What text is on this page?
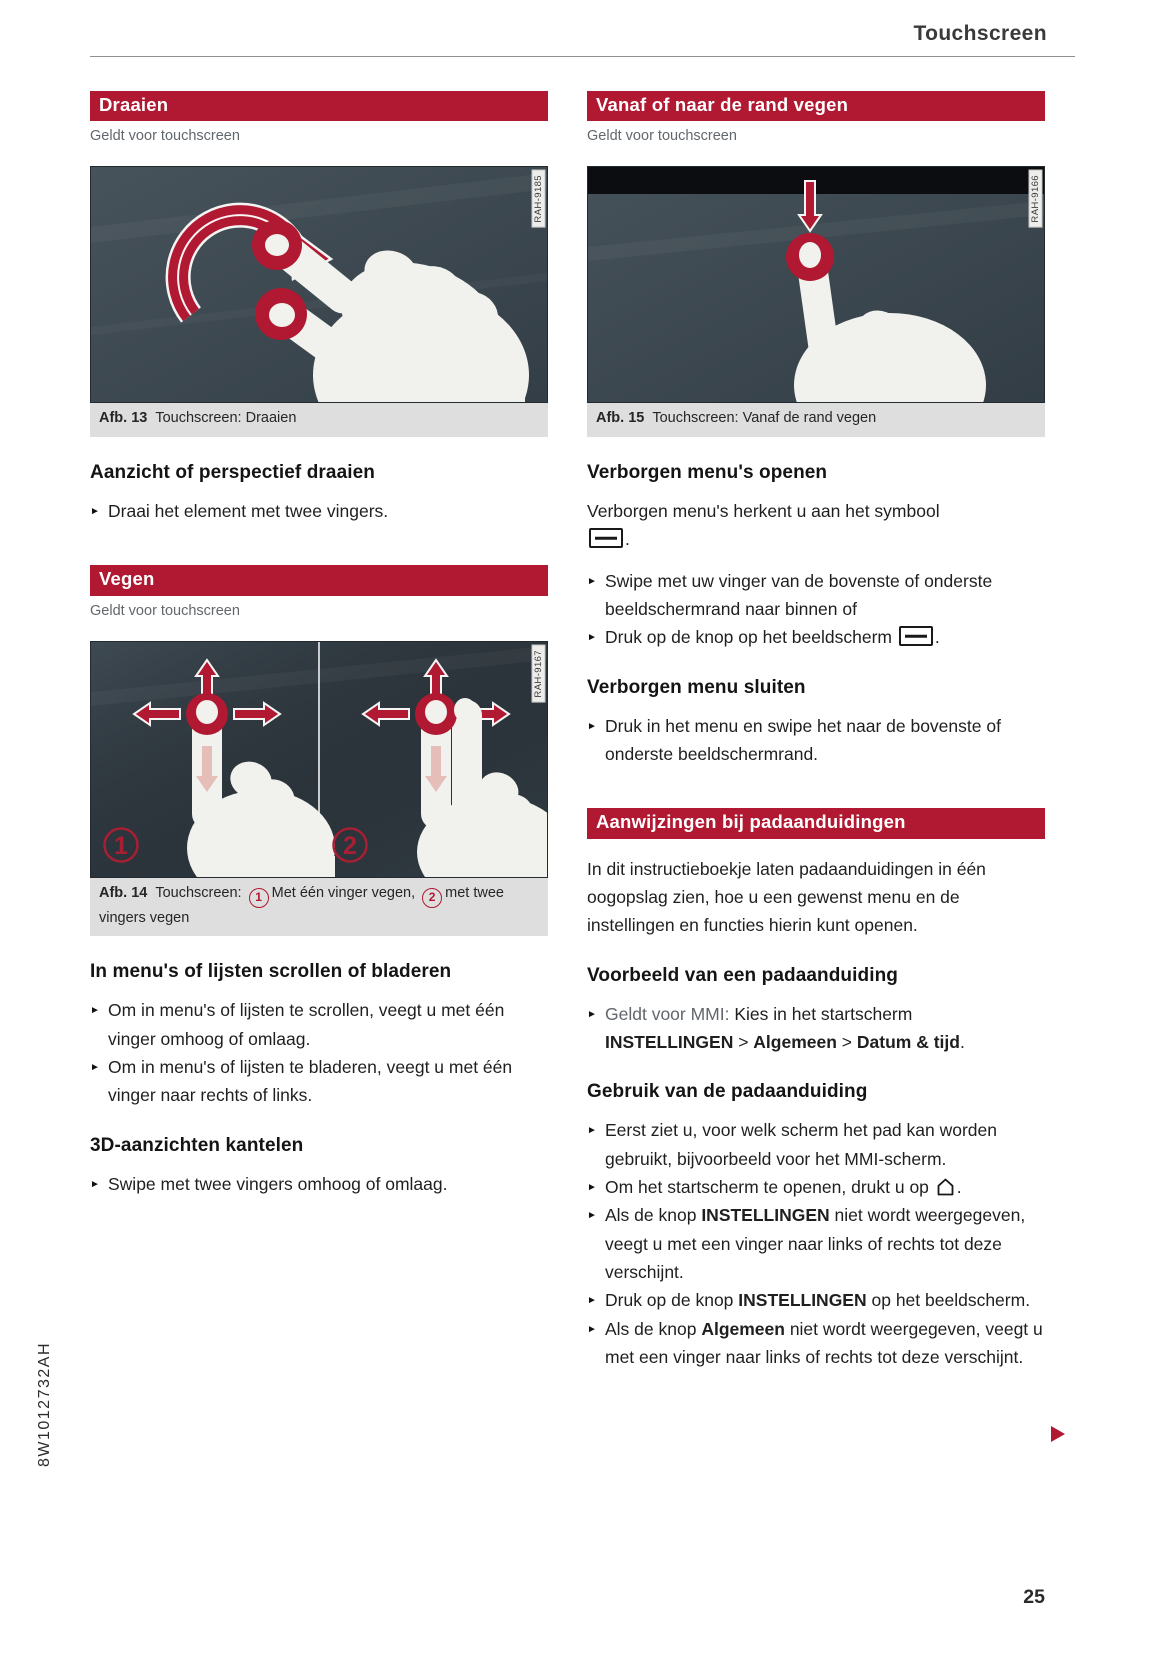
Touchscreen
Draaien
Geldt voor touchscreen
RAH-9185
Afb. 13 Touchscreen: Draaien
Aanzicht of perspectief draaien
► Draai het element met twee vingers.
Vegen
Geldt voor touchscreen
1	2
RAH-9167
Afb. 14 Touchscreen: 1 Met één vinger vegen, 2 met twee vingers vegen
In menu's of lijsten scrollen of bladeren
► Om in menu's of lijsten te scrollen, veegt u met één vinger omhoog of omlaag.
► Om in menu's of lijsten te bladeren, veegt u met één vinger naar rechts of links.
3D-aanzichten kantelen
► Swipe met twee vingers omhoog of omlaag.
Vanaf of naar de rand vegen
Geldt voor touchscreen
RAH-9166
Afb. 15 Touchscreen: Vanaf de rand vegen
Verborgen menu's openen
Verborgen menu's herkent u aan het symbool
.
► Swipe met uw vinger van de bovenste of onderste beeldschermrand naar binnen of
► Druk op de knop op het beeldscherm .
Verborgen menu sluiten
► Druk in het menu en swipe het naar de bovenste of onderste beeldschermrand.
Aanwijzingen bij padaanduidingen
In dit instructieboekje laten padaanduidingen in één oogopslag zien, hoe u een gewenst menu en de instellingen en functies hierin kunt openen.
Voorbeeld van een padaanduiding
► Geldt voor MMI: Kies in het startscherm
INSTELLINGEN > Algemeen > Datum & tijd.
Gebruik van de padaanduiding
► Eerst ziet u, voor welk scherm het pad kan worden gebruikt, bijvoorbeeld voor het MMI-scherm.
► Om het startscherm te openen, drukt u op .
► Als de knop INSTELLINGEN niet wordt weergegeven, veegt u met een vinger naar links of rechts tot deze verschijnt.
► Druk op de knop INSTELLINGEN op het beeldscherm.
► Als de knop Algemeen niet wordt weergegeven, veegt u met een vinger naar links of rechts tot deze verschijnt.
8W1012732AH
25
